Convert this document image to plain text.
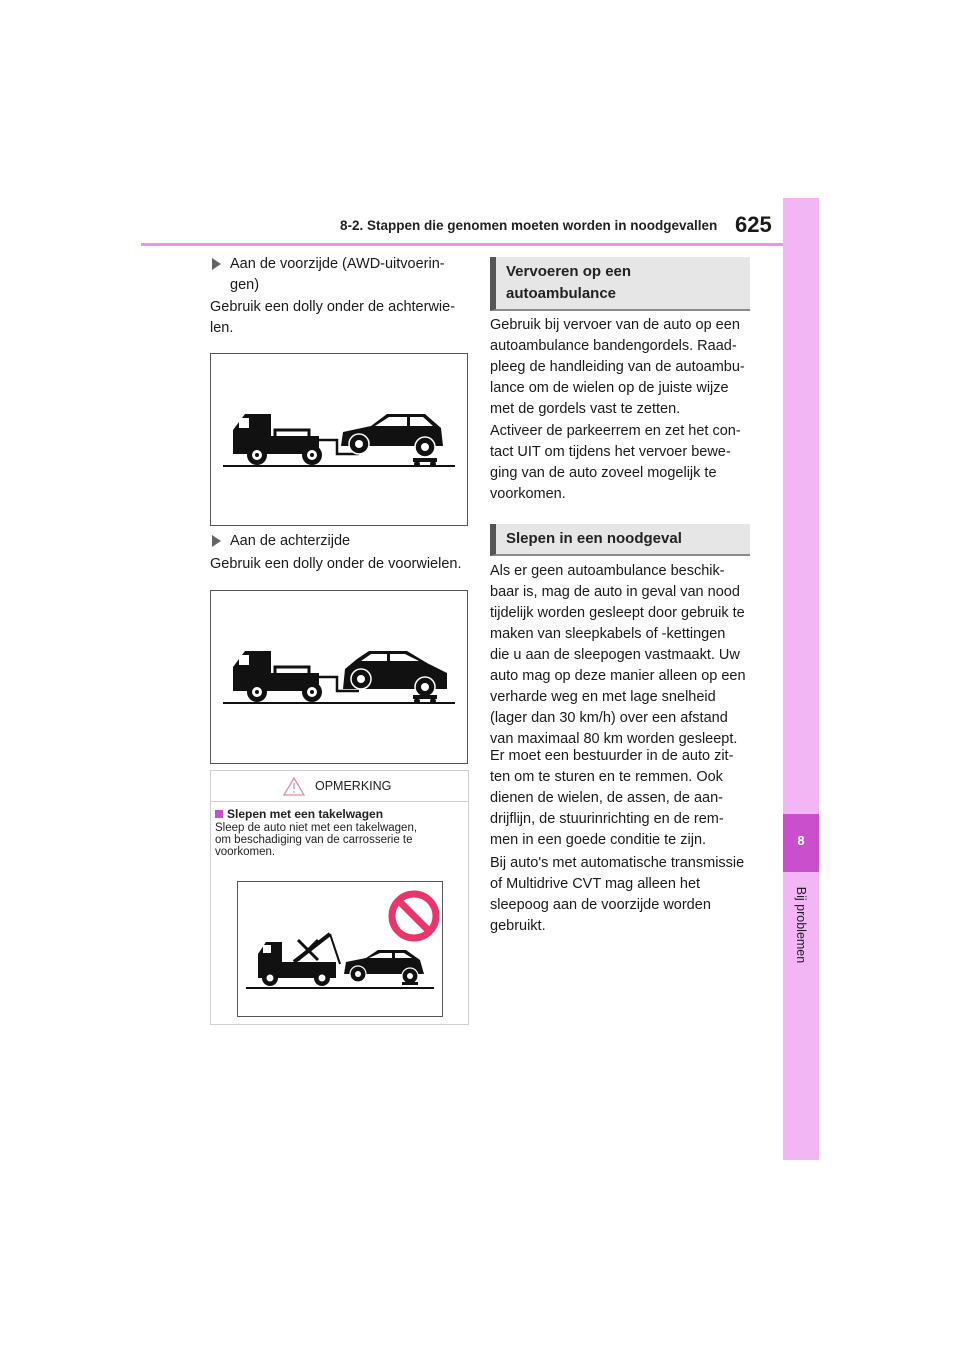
8-2. Stappen die genomen moeten worden in noodgevallen 625
8
Bij problemen
Aan de voorzijde (AWD-uitvoerin-
gen)
Gebruik een dolly onder de achterwie-
len.
Aan de achterzijde
Gebruik een dolly onder de voorwielen.
OPMERKING
Slepen met een takelwagen
Sleep de auto niet met een takelwagen,
om beschadiging van de carrosserie te
voorkomen.
Vervoeren op een
autoambulance
Gebruik bij vervoer van de auto op een
autoambulance bandengordels. Raad-
pleeg de handleiding van de autoambu-
lance om de wielen op de juiste wijze
met de gordels vast te zetten.
Activeer de parkeerrem en zet het con-
tact UIT om tijdens het vervoer bewe-
ging van de auto zoveel mogelijk te
voorkomen.
Slepen in een noodgeval
Als er geen autoambulance beschik-
baar is, mag de auto in geval van nood
tijdelijk worden gesleept door gebruik te
maken van sleepkabels of -kettingen
die u aan de sleepogen vastmaakt. Uw
auto mag op deze manier alleen op een
verharde weg en met lage snelheid
(lager dan 30 km/h) over een afstand
van maximaal 80 km worden gesleept.
Er moet een bestuurder in de auto zit-
ten om te sturen en te remmen. Ook
dienen de wielen, de assen, de aan-
drijflijn, de stuurinrichting en de rem-
men in een goede conditie te zijn.
Bij auto's met automatische transmissie
of Multidrive CVT mag alleen het
sleepoog aan de voorzijde worden
gebruikt.
